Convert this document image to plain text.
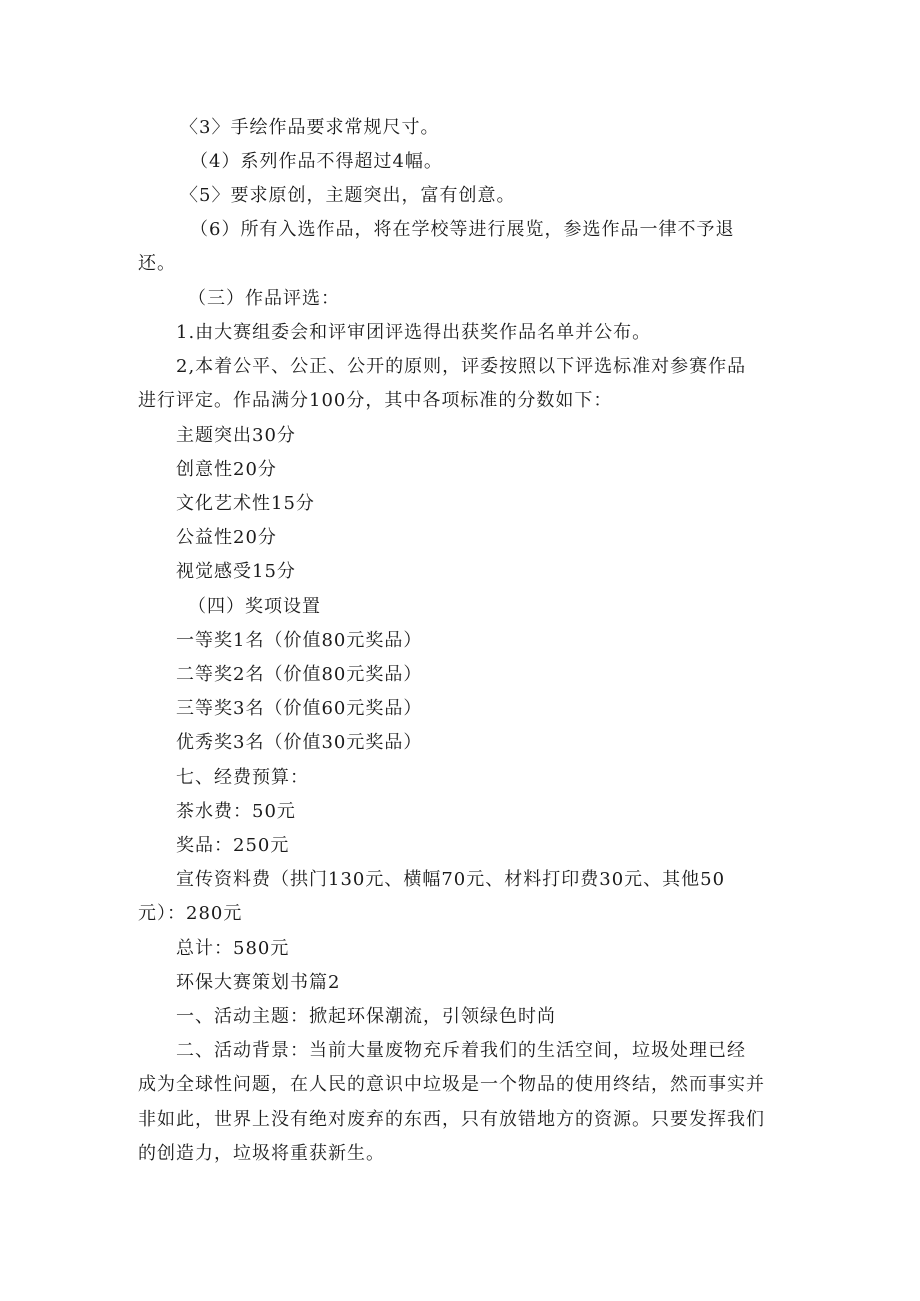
〈3〉手绘作品要求常规尺寸。

（4）系列作品不得超过4幅。

〈5〉要求原创，主题突出，富有创意。

（6）所有入选作品，将在学校等进行展览，参选作品一律不予退

还。

（三）作品评选：

1.由大赛组委会和评审团评选得出获奖作品名单并公布。

2,本着公平、公正、公开的原则，评委按照以下评选标准对参赛作品

进行评定。作品满分100分，其中各项标准的分数如下：

主题突出30分

创意性20分

文化艺术性15分

公益性20分

视觉感受15分

（四）奖项设置

一等奖1名（价值80元奖品）

二等奖2名（价值80元奖品）

三等奖3名（价值60元奖品）

优秀奖3名（价值30元奖品）

七、经费预算：

茶水费：50元

奖品：250元

宣传资料费（拱门130元、横幅70元、材料打印费30元、其他50

元）：280元

总计：580元

环保大赛策划书篇2

一、活动主题：掀起环保潮流，引领绿色时尚

二、活动背景：当前大量废物充斥着我们的生活空间，垃圾处理已经

成为全球性问题，在人民的意识中垃圾是一个物品的使用终结，然而事实并

非如此，世界上没有绝对废弃的东西，只有放错地方的资源。只要发挥我们

的创造力，垃圾将重获新生。
